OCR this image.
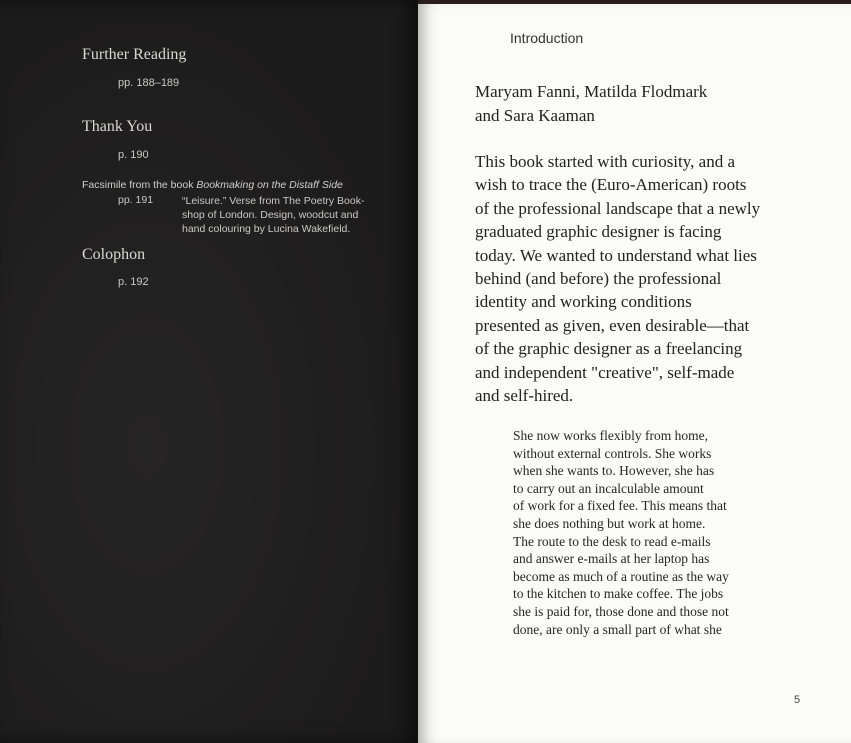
Further Reading
pp. 188–189
Thank You
p. 190
Facsimile from the book Bookmaking on the Distaff Side
pp. 191	“Leisure.” Verse from The Poetry Book-
shop of London. Design, woodcut and
hand colouring by Lucina Wakefield.
Colophon
p. 192
Introduction
Maryam Fanni, Matilda Flodmark
and Sara Kaaman
This book started with curiosity, and a
wish to trace the (Euro-American) roots
of the professional landscape that a newly
graduated graphic designer is facing
today. We wanted to understand what lies
behind (and before) the professional
identity and working conditions
presented as given, even desirable—that
of the graphic designer as a freelancing
and independent "creative", self-made
and self-hired.
She now works flexibly from home,
without external controls. She works
when she wants to. However, she has
to carry out an incalculable amount
of work for a fixed fee. This means that
she does nothing but work at home.
The route to the desk to read e-mails
and answer e-mails at her laptop has
become as much of a routine as the way
to the kitchen to make coffee. The jobs
she is paid for, those done and those not
done, are only a small part of what she
5
